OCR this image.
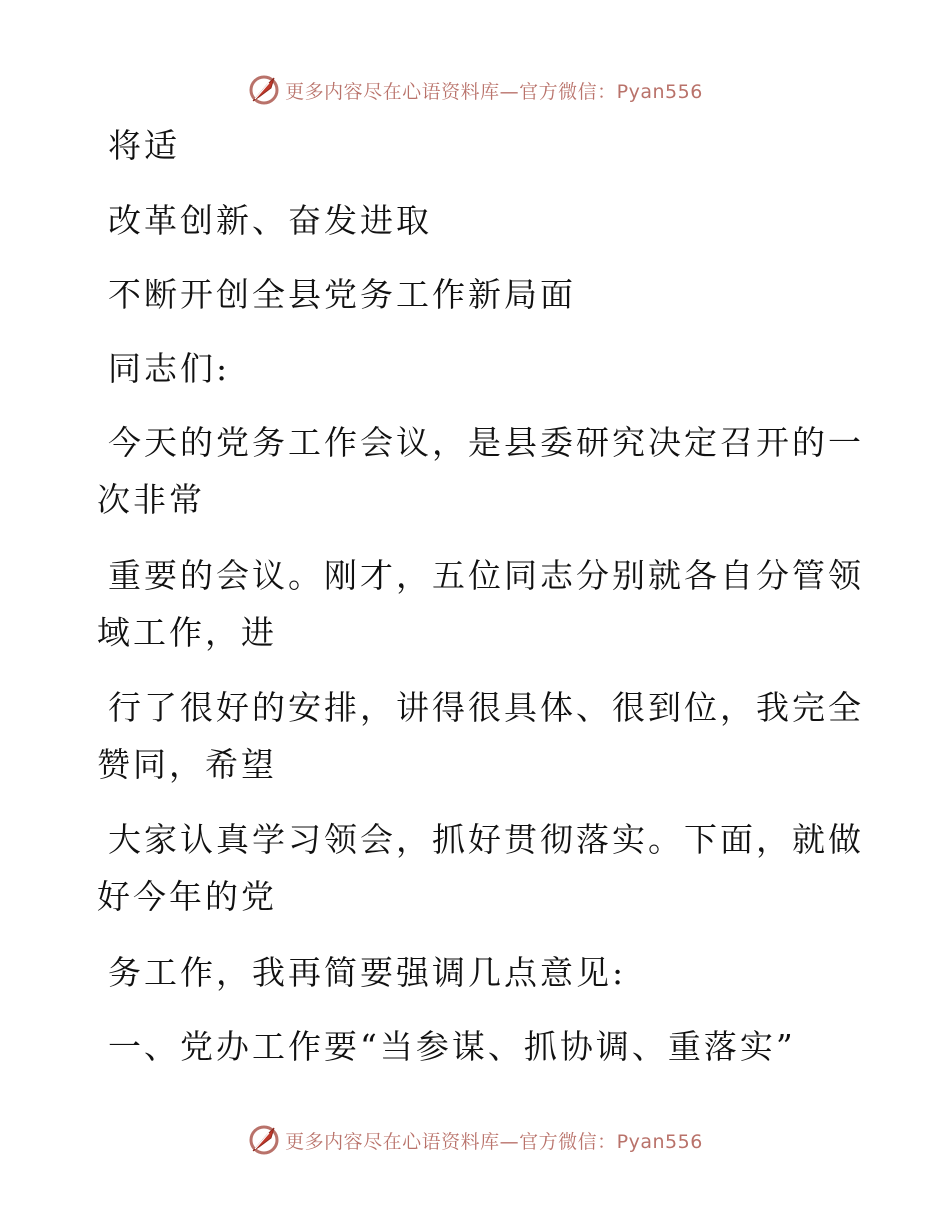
更多内容尽在心语资料库—官方微信：Pyan556
将适
改革创新、奋发进取
不断开创全县党务工作新局面
同志们:
今天的党务工作会议，是县委研究决定召开的一
次非常
重要的会议。刚才，五位同志分别就各自分管领
域工作，进
行了很好的安排，讲得很具体、很到位，我完全
赞同，希望
大家认真学习领会，抓好贯彻落实。下面，就做
好今年的党
务工作，我再简要强调几点意见:
一、党办工作要“当参谋、抓协调、重落实”
更多内容尽在心语资料库—官方微信：Pyan556
